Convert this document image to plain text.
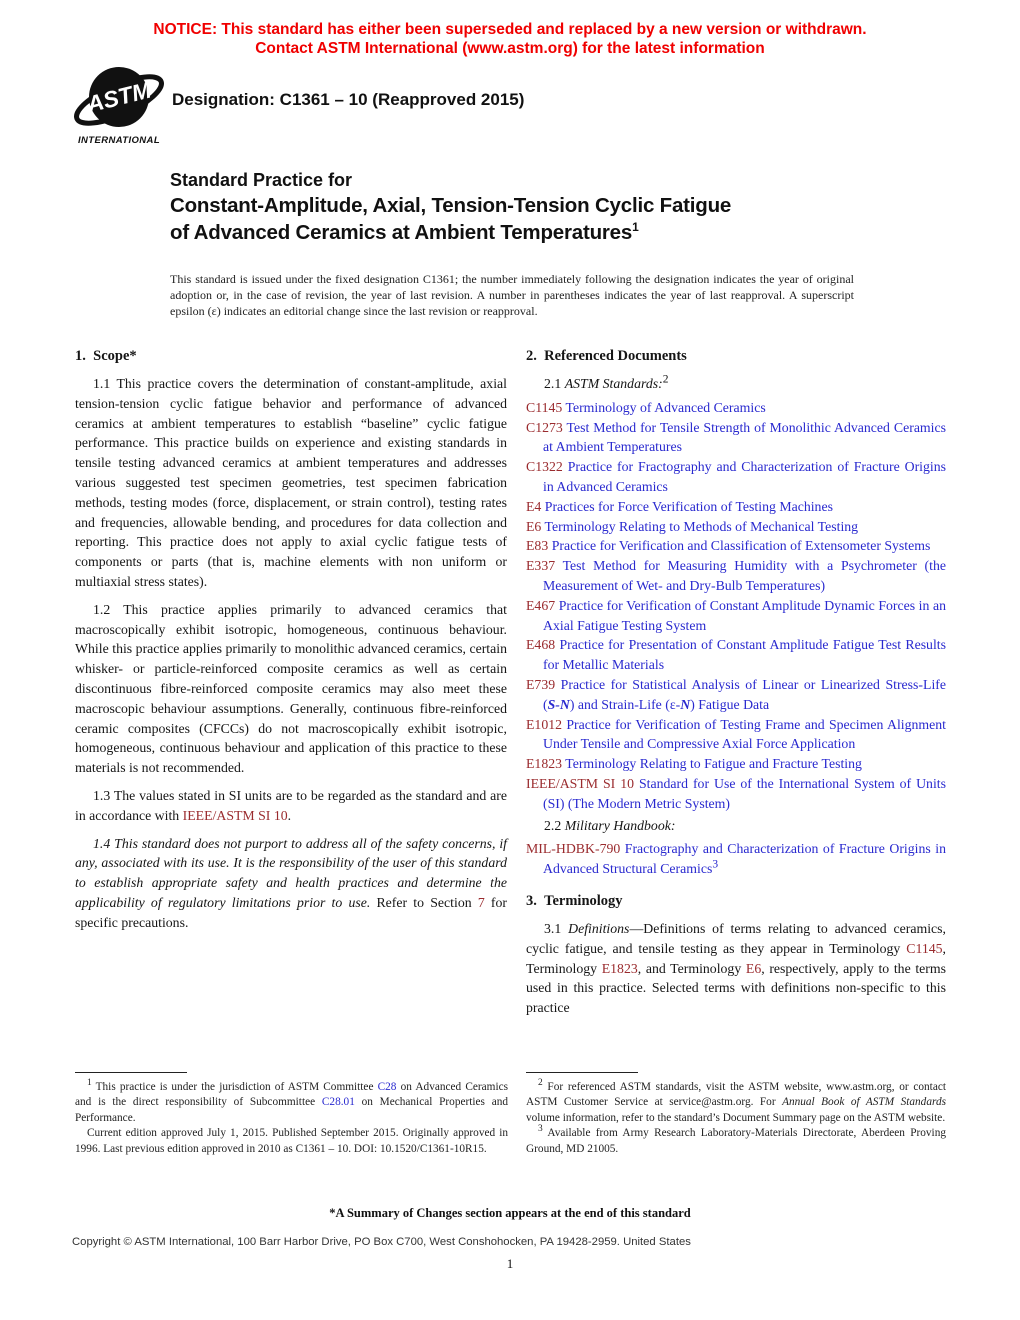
NOTICE: This standard has either been superseded and replaced by a new version or withdrawn.
Contact ASTM International (www.astm.org) for the latest information
ASTM
INTERNATIONAL
Designation: C1361 – 10 (Reapproved 2015)
Standard Practice for
Constant-Amplitude, Axial, Tension-Tension Cyclic Fatigue
of Advanced Ceramics at Ambient Temperatures$^1$
This standard is issued under the fixed designation C1361; the number immediately following the designation indicates the year of original adoption or, in the case of revision, the year of last revision. A number in parentheses indicates the year of last reapproval. A superscript epsilon (ε) indicates an editorial change since the last revision or reapproval.
1. Scope*

1.1 This practice covers the determination of constant-amplitude, axial tension-tension cyclic fatigue behavior and performance of advanced ceramics at ambient temperatures to establish “baseline” cyclic fatigue performance. This practice builds on experience and existing standards in tensile testing advanced ceramics at ambient temperatures and addresses various suggested test specimen geometries, test specimen fabrication methods, testing modes (force, displacement, or strain control), testing rates and frequencies, allowable bending, and procedures for data collection and reporting. This practice does not apply to axial cyclic fatigue tests of components or parts (that is, machine elements with non uniform or multiaxial stress states).

1.2 This practice applies primarily to advanced ceramics that macroscopically exhibit isotropic, homogeneous, continuous behaviour. While this practice applies primarily to monolithic advanced ceramics, certain whisker- or particle-reinforced composite ceramics as well as certain discontinuous fibre-reinforced composite ceramics may also meet these macroscopic behaviour assumptions. Generally, continuous fibre-reinforced ceramic composites (CFCCs) do not macroscopically exhibit isotropic, homogeneous, continuous behaviour and application of this practice to these materials is not recommended.

1.3 The values stated in SI units are to be regarded as the standard and are in accordance with IEEE/ASTM SI 10.

1.4 This standard does not purport to address all of the safety concerns, if any, associated with its use. It is the responsibility of the user of this standard to establish appropriate safety and health practices and determine the applicability of regulatory limitations prior to use. Refer to Section 7 for specific precautions.

2. Referenced Documents

2.1 ASTM Standards:$^2$

C1145 Terminology of Advanced Ceramics
C1273 Test Method for Tensile Strength of Monolithic Advanced Ceramics at Ambient Temperatures
C1322 Practice for Fractography and Characterization of Fracture Origins in Advanced Ceramics
E4 Practices for Force Verification of Testing Machines
E6 Terminology Relating to Methods of Mechanical Testing
E83 Practice for Verification and Classification of Extensometer Systems
E337 Test Method for Measuring Humidity with a Psychrometer (the Measurement of Wet- and Dry-Bulb Temperatures)
E467 Practice for Verification of Constant Amplitude Dynamic Forces in an Axial Fatigue Testing System
E468 Practice for Presentation of Constant Amplitude Fatigue Test Results for Metallic Materials
E739 Practice for Statistical Analysis of Linear or Linearized Stress-Life (S-N) and Strain-Life (ε-N) Fatigue Data
E1012 Practice for Verification of Testing Frame and Specimen Alignment Under Tensile and Compressive Axial Force Application
E1823 Terminology Relating to Fatigue and Fracture Testing
IEEE/ASTM SI 10 Standard for Use of the International System of Units (SI) (The Modern Metric System)

2.2 Military Handbook:

MIL-HDBK-790 Fractography and Characterization of Fracture Origins in Advanced Structural Ceramics$^3$
3. Terminology

3.1 Definitions—Definitions of terms relating to advanced ceramics, cyclic fatigue, and tensile testing as they appear in Terminology C1145, Terminology E1823, and Terminology E6, respectively, apply to the terms used in this practice. Selected terms with definitions non-specific to this practice

$^1$ This practice is under the jurisdiction of ASTM Committee C28 on Advanced Ceramics and is the direct responsibility of Subcommittee C28.01 on Mechanical Properties and Performance.

Current edition approved July 1, 2015. Published September 2015. Originally approved in 1996. Last previous edition approved in 2010 as C1361 – 10. DOI: 10.1520/C1361-10R15.

$^2$ For referenced ASTM standards, visit the ASTM website, www.astm.org, or contact ASTM Customer Service at service@astm.org. For Annual Book of ASTM Standards volume information, refer to the standard’s Document Summary page on the ASTM website.

$^3$ Available from Army Research Laboratory-Materials Directorate, Aberdeen Proving Ground, MD 21005.

*A Summary of Changes section appears at the end of this standard
Copyright © ASTM International, 100 Barr Harbor Drive, PO Box C700, West Conshohocken, PA 19428-2959. United States
1
